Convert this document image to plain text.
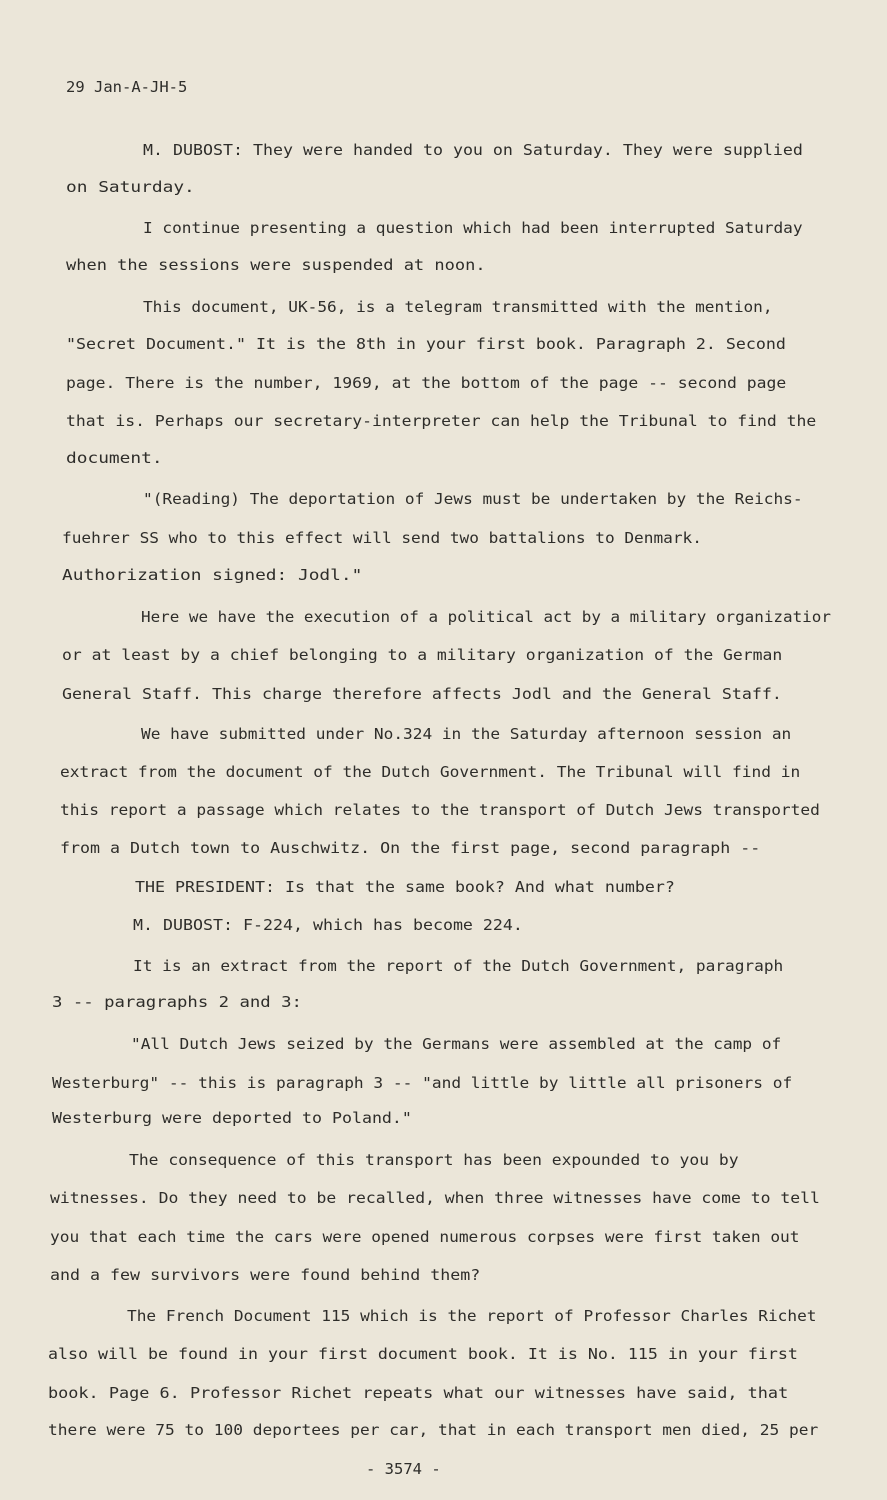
29 Jan-A-JH-5
M. DUBOST: They were handed to you on Saturday. They were supplied
on Saturday.
I continue presenting a question which had been interrupted Saturday
when the sessions were suspended at noon.
This document, UK-56, is a telegram transmitted with the mention,
"Secret Document." It is the 8th in your first book. Paragraph 2. Second
page. There is the number, 1969, at the bottom of the page -- second page
that is. Perhaps our secretary-interpreter can help the Tribunal to find the
document.
"(Reading) The deportation of Jews must be undertaken by the Reichs-
fuehrer SS who to this effect will send two battalions to Denmark.
Authorization signed: Jodl."
Here we have the execution of a political act by a military organizatior
or at least by a chief belonging to a military organization of the German
General Staff. This charge therefore affects Jodl and the General Staff.
We have submitted under No.324 in the Saturday afternoon session an
extract from the document of the Dutch Government. The Tribunal will find in
this report a passage which relates to the transport of Dutch Jews transported
from a Dutch town to Auschwitz. On the first page, second paragraph --
THE PRESIDENT: Is that the same book? And what number?
M. DUBOST: F-224, which has become 224.
It is an extract from the report of the Dutch Government, paragraph
3 -- paragraphs 2 and 3:
"All Dutch Jews seized by the Germans were assembled at the camp of
Westerburg" -- this is paragraph 3 -- "and little by little all prisoners of
Westerburg were deported to Poland."
The consequence of this transport has been expounded to you by
witnesses. Do they need to be recalled, when three witnesses have come to tell
you that each time the cars were opened numerous corpses were first taken out
and a few survivors were found behind them?
The French Document 115 which is the report of Professor Charles Richet
also will be found in your first document book. It is No. 115 in your first
book. Page 6. Professor Richet repeats what our witnesses have said, that
there were 75 to 100 deportees per car, that in each transport men died, 25 per
- 3574 -
